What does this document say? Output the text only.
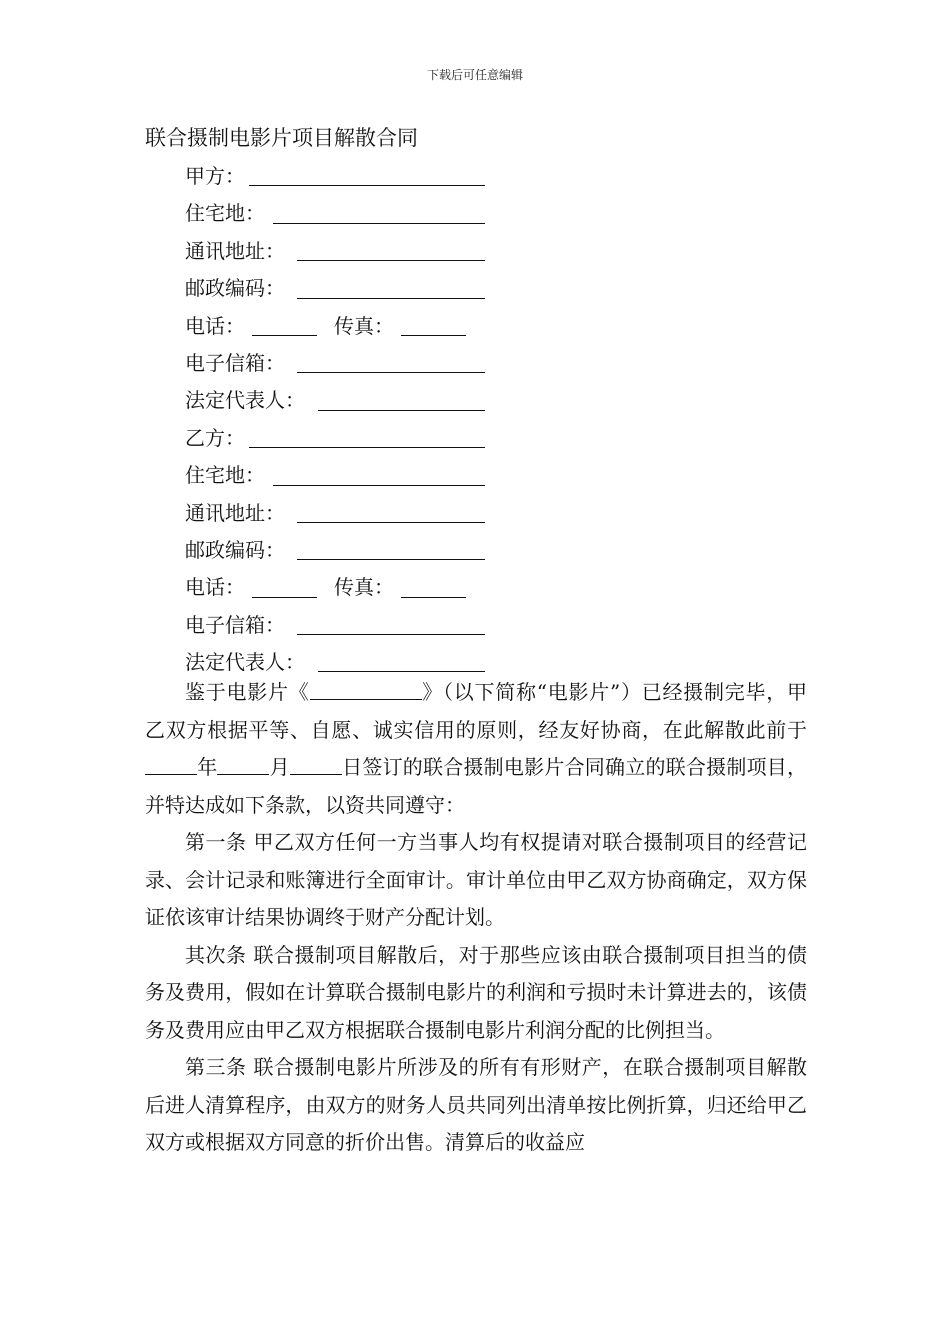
下载后可任意编辑
联合摄制电影片项目解散合同
甲方：
住宅地：
通讯地址：
邮政编码：
电话：	传真：
电子信箱：
法定代表人：
乙方：
住宅地：
通讯地址：
邮政编码：
电话：	传真：
电子信箱：
法定代表人：

鉴于电影片《	》（以下简称“电影片”）已经摄制完毕，甲乙双方根据平等、自愿、诚实信用的原则，经友好协商，在此解散此前于年	月	日签订的联合摄制电影片合同确立的联合摄制项目，并特达成如下条款，以资共同遵守：

第一条 甲乙双方任何一方当事人均有权提请对联合摄制项目的经营记录、会计记录和账簿进行全面审计。审计单位由甲乙双方协商确定，双方保证依该审计结果协调终于财产分配计划。

其次条 联合摄制项目解散后，对于那些应该由联合摄制项目担当的债务及费用，假如在计算联合摄制电影片的利润和亏损时未计算进去的，该债务及费用应由甲乙双方根据联合摄制电影片利润分配的比例担当。

第三条 联合摄制电影片所涉及的所有有形财产，在联合摄制项目解散后进人清算程序，由双方的财务人员共同列出清单按比例折算，归还给甲乙双方或根据双方同意的折价出售。清算后的收益应
